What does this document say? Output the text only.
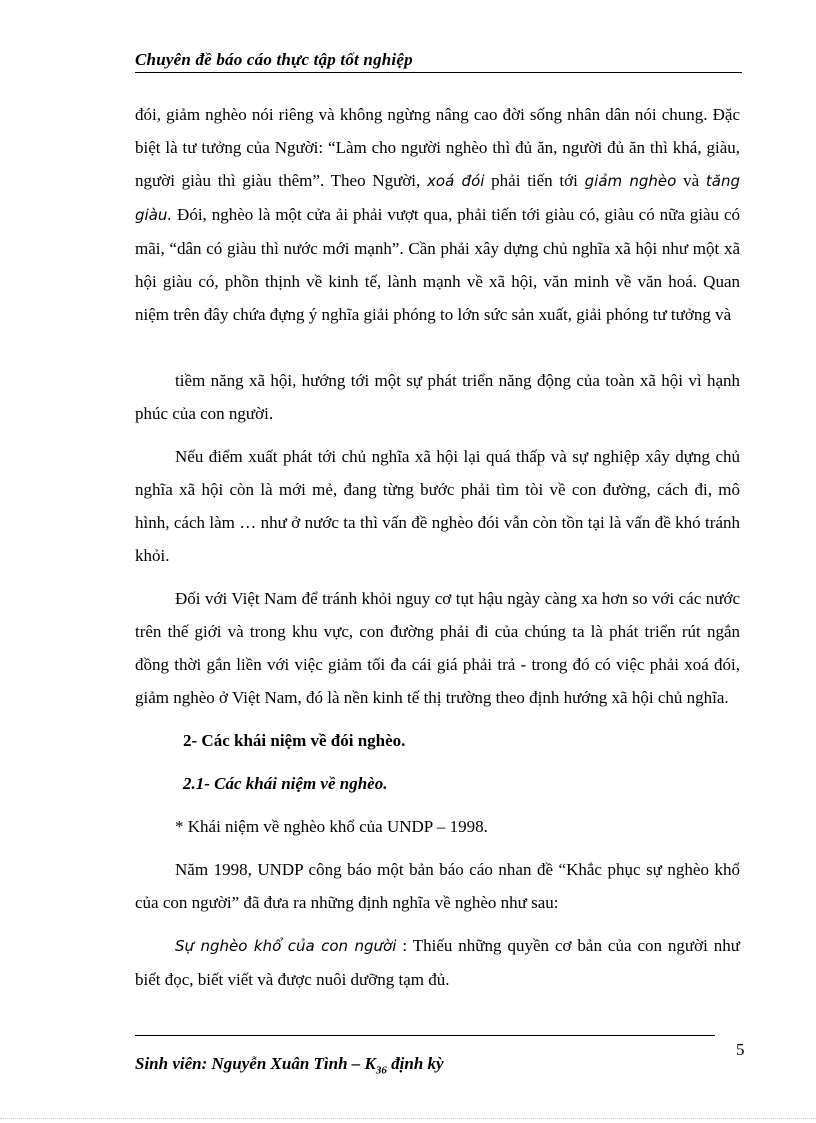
Chuyên đề báo cáo thực tập tốt nghiệp

đói, giảm nghèo nói riêng và không ngừng nâng cao đời sống nhân dân nói chung. Đặc biệt là tư tưởng của Người: “Làm cho người nghèo thì đủ ăn, người đủ ăn thì khá, giàu, người giàu thì giàu thêm”. Theo Người, xoá đói phải tiến tới giảm nghèo và tăng giàu. Đói, nghèo là một cửa ải phải vượt qua, phải tiến tới giàu có, giàu có nữa giàu có mãi, “dân có giàu thì nước mới mạnh”. Cần phải xây dựng chủ nghĩa xã hội như một xã hội giàu có, phồn thịnh về kinh tế, lành mạnh về xã hội, văn minh về văn hoá. Quan niệm trên đây chứa đựng ý nghĩa giải phóng to lớn sức sản xuất, giải phóng tư tưởng và

tiềm năng xã hội, hướng tới một sự phát triển năng động của toàn xã hội vì hạnh phúc của con người.

Nếu điểm xuất phát tới chủ nghĩa xã hội lại quá thấp và sự nghiệp xây dựng chủ nghĩa xã hội còn là mới mẻ, đang từng bước phải tìm tòi về con đường, cách đi, mô hình, cách làm … như ở nước ta thì vấn đề nghèo đói vẫn còn tồn tại là vấn đề khó tránh khỏi.

Đối với Việt Nam để tránh khỏi nguy cơ tụt hậu ngày càng xa hơn so với các nước trên thế giới và trong khu vực, con đường phải đi của chúng ta là phát triển rút ngắn đồng thời gắn liền với việc giảm tối đa cái giá phải trả - trong đó có việc phải xoá đói, giảm nghèo ở Việt Nam, đó là nền kinh tế thị trường theo định hướng xã hội chủ nghĩa.

2- Các khái niệm về đói nghèo.

2.1- Các khái niệm về nghèo.

* Khái niệm về nghèo khổ của UNDP – 1998.

Năm 1998, UNDP công báo một bản báo cáo nhan đề “Khắc phục sự nghèo khổ của con người” đã đưa ra những định nghĩa về nghèo như sau:

Sự nghèo khổ của con người : Thiếu những quyền cơ bản của con người như biết đọc, biết viết và được nuôi dưỡng tạm đủ.

5
Sinh viên: Nguyễn Xuân Tình – $K_{36}$ định kỳ
